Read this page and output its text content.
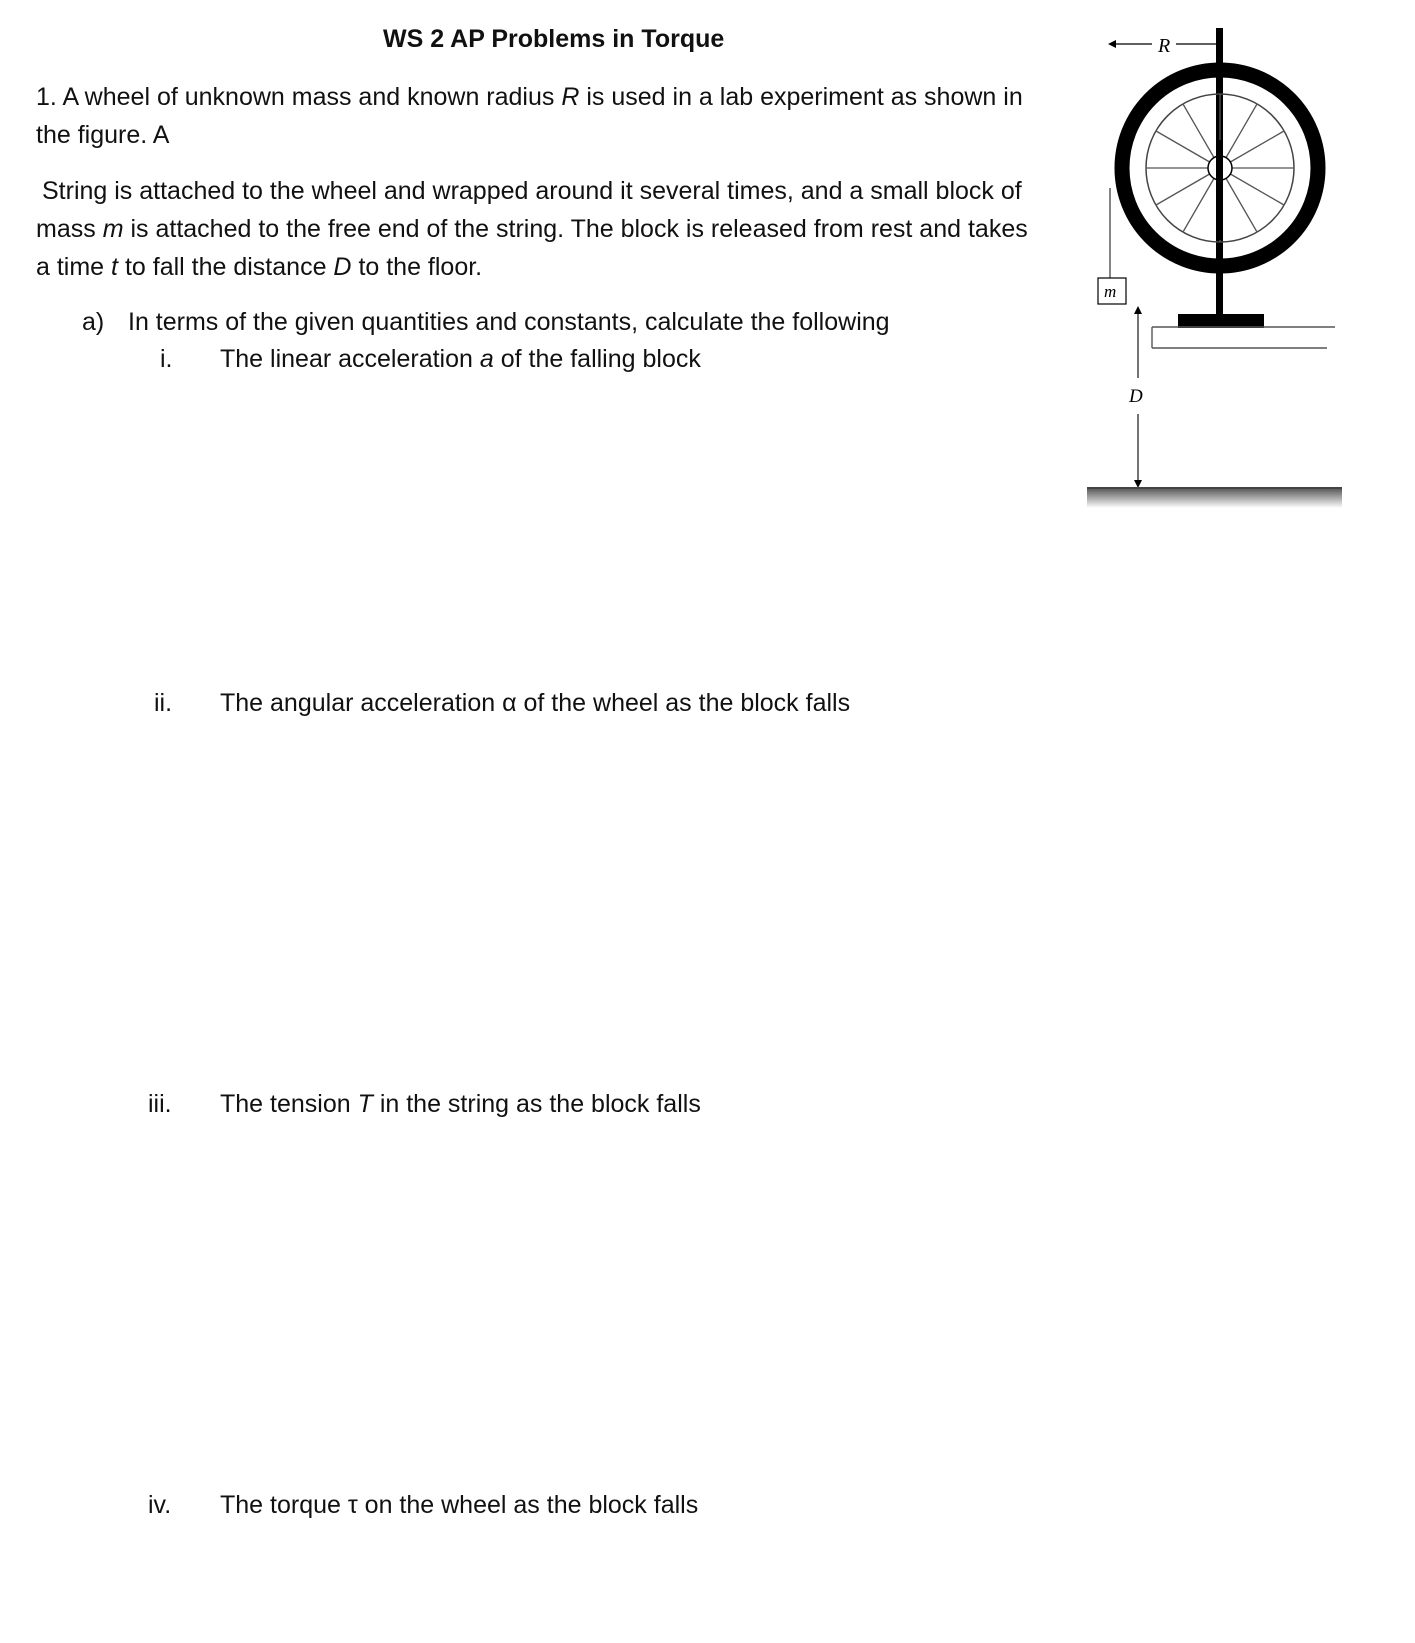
WS 2 AP Problems in Torque
1. A wheel of unknown mass and known radius R is used in a lab experiment as shown in
the figure. A
String is attached to the wheel and wrapped around it several times, and a small block of
mass m is attached to the free end of the string. The block is released from rest and takes
a time t to fall the distance D to the floor.
a) In terms of the given quantities and constants, calculate the following
i. The linear acceleration a of the falling block
ii. The angular acceleration α of the wheel as the block falls
iii. The tension T in the string as the block falls
iv. The torque τ on the wheel as the block falls
R
m
D
